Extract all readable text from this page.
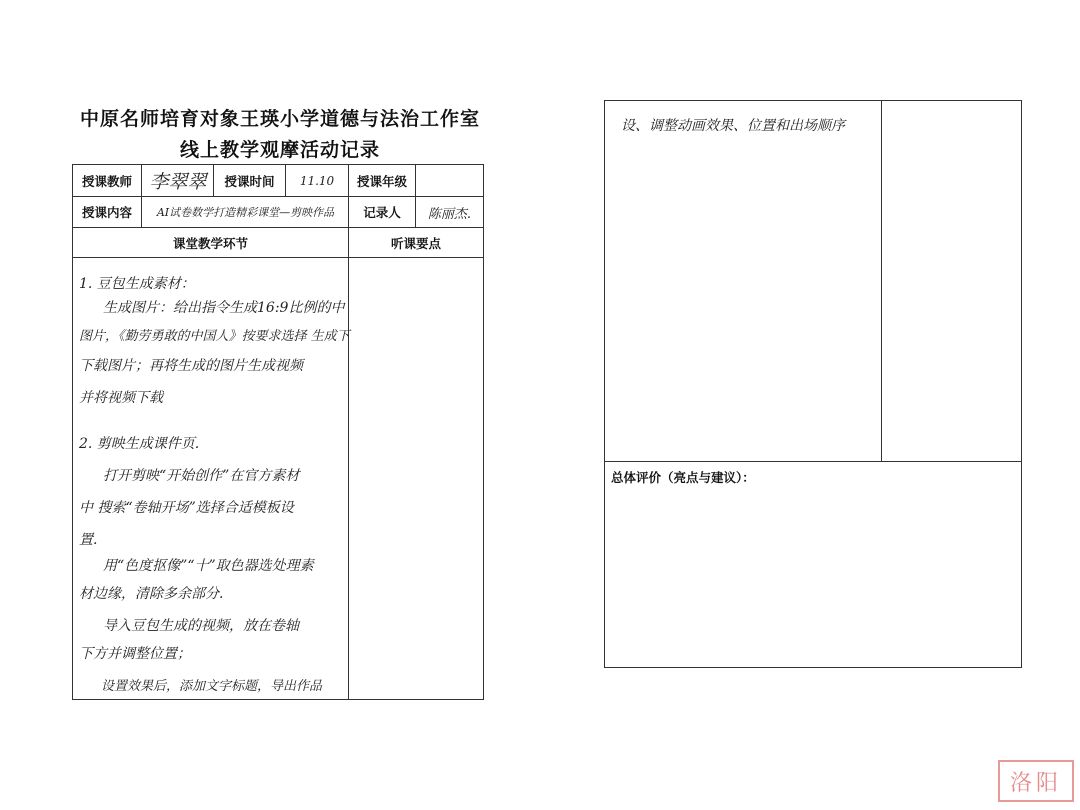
中原名师培育对象王瑛小学道德与法治工作室
线上教学观摩活动记录
授课教师 李翠翠	授课时间	11.10	授课年级
授课内容	AI试卷数学打造精彩课堂—剪映作品	记录人	陈丽杰.
课堂教学环节	听课要点
1. 豆包生成素材：
生成图片：给出指令生成16:9比例的中
图片，《勤劳勇敢的中国人》按要求选择 生成下
下载图片；再将生成的图片生成视频
并将视频下载
2. 剪映生成课件页.
打开剪映“开始创作”在官方素材
中 搜索“卷轴开场”选择合适模板设
置.
用“色度抠像”“十”取色器选处理素
材边缘，清除多余部分.
导入豆包生成的视频，放在卷轴
下方并调整位置；
设置效果后，添加文字标题，导出作品
设、调整动画效果、位置和出场顺序
总体评价（亮点与建议）：
洛阳
